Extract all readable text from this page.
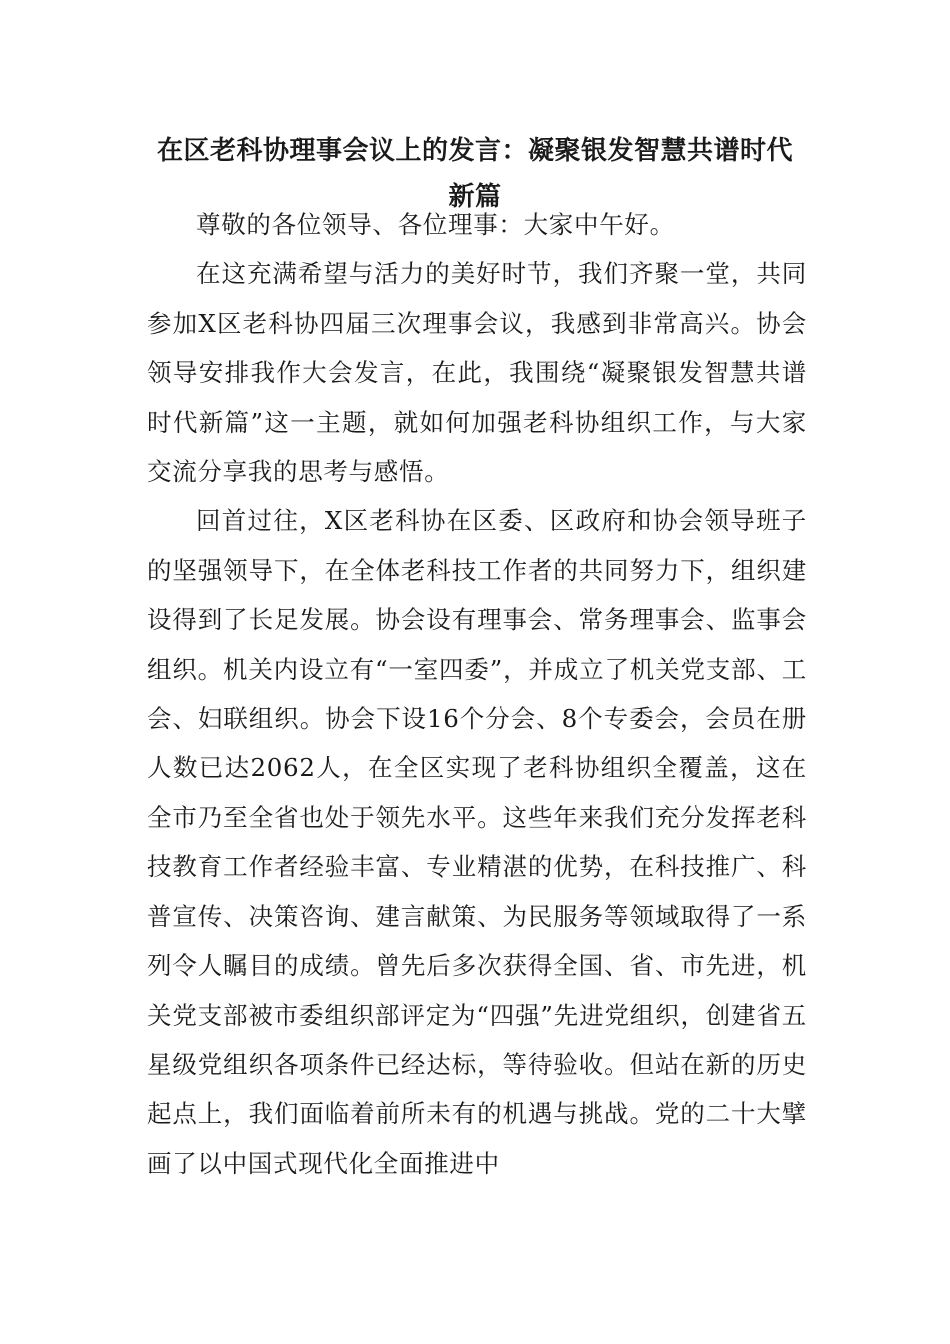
在区老科协理事会议上的发言：凝聚银发智慧共谱时代新篇

尊敬的各位领导、各位理事：大家中午好。

在这充满希望与活力的美好时节，我们齐聚一堂，共同参加X区老科协四届三次理事会议，我感到非常高兴。协会领导安排我作大会发言，在此，我围绕“凝聚银发智慧共谱时代新篇”这一主题，就如何加强老科协组织工作，与大家交流分享我的思考与感悟。

回首过往，X区老科协在区委、区政府和协会领导班子的坚强领导下，在全体老科技工作者的共同努力下，组织建设得到了长足发展。协会设有理事会、常务理事会、监事会组织。机关内设立有“一室四委”，并成立了机关党支部、工会、妇联组织。协会下设16个分会、8个专委会，会员在册人数已达2062人，在全区实现了老科协组织全覆盖，这在全市乃至全省也处于领先水平。这些年来我们充分发挥老科技教育工作者经验丰富、专业精湛的优势，在科技推广、科普宣传、决策咨询、建言献策、为民服务等领域取得了一系列令人瞩目的成绩。曾先后多次获得全国、省、市先进，机关党支部被市委组织部评定为“四强”先进党组织，创建省五星级党组织各项条件已经达标，等待验收。但站在新的历史起点上，我们面临着前所未有的机遇与挑战。党的二十大擘画了以中国式现代化全面推进中
